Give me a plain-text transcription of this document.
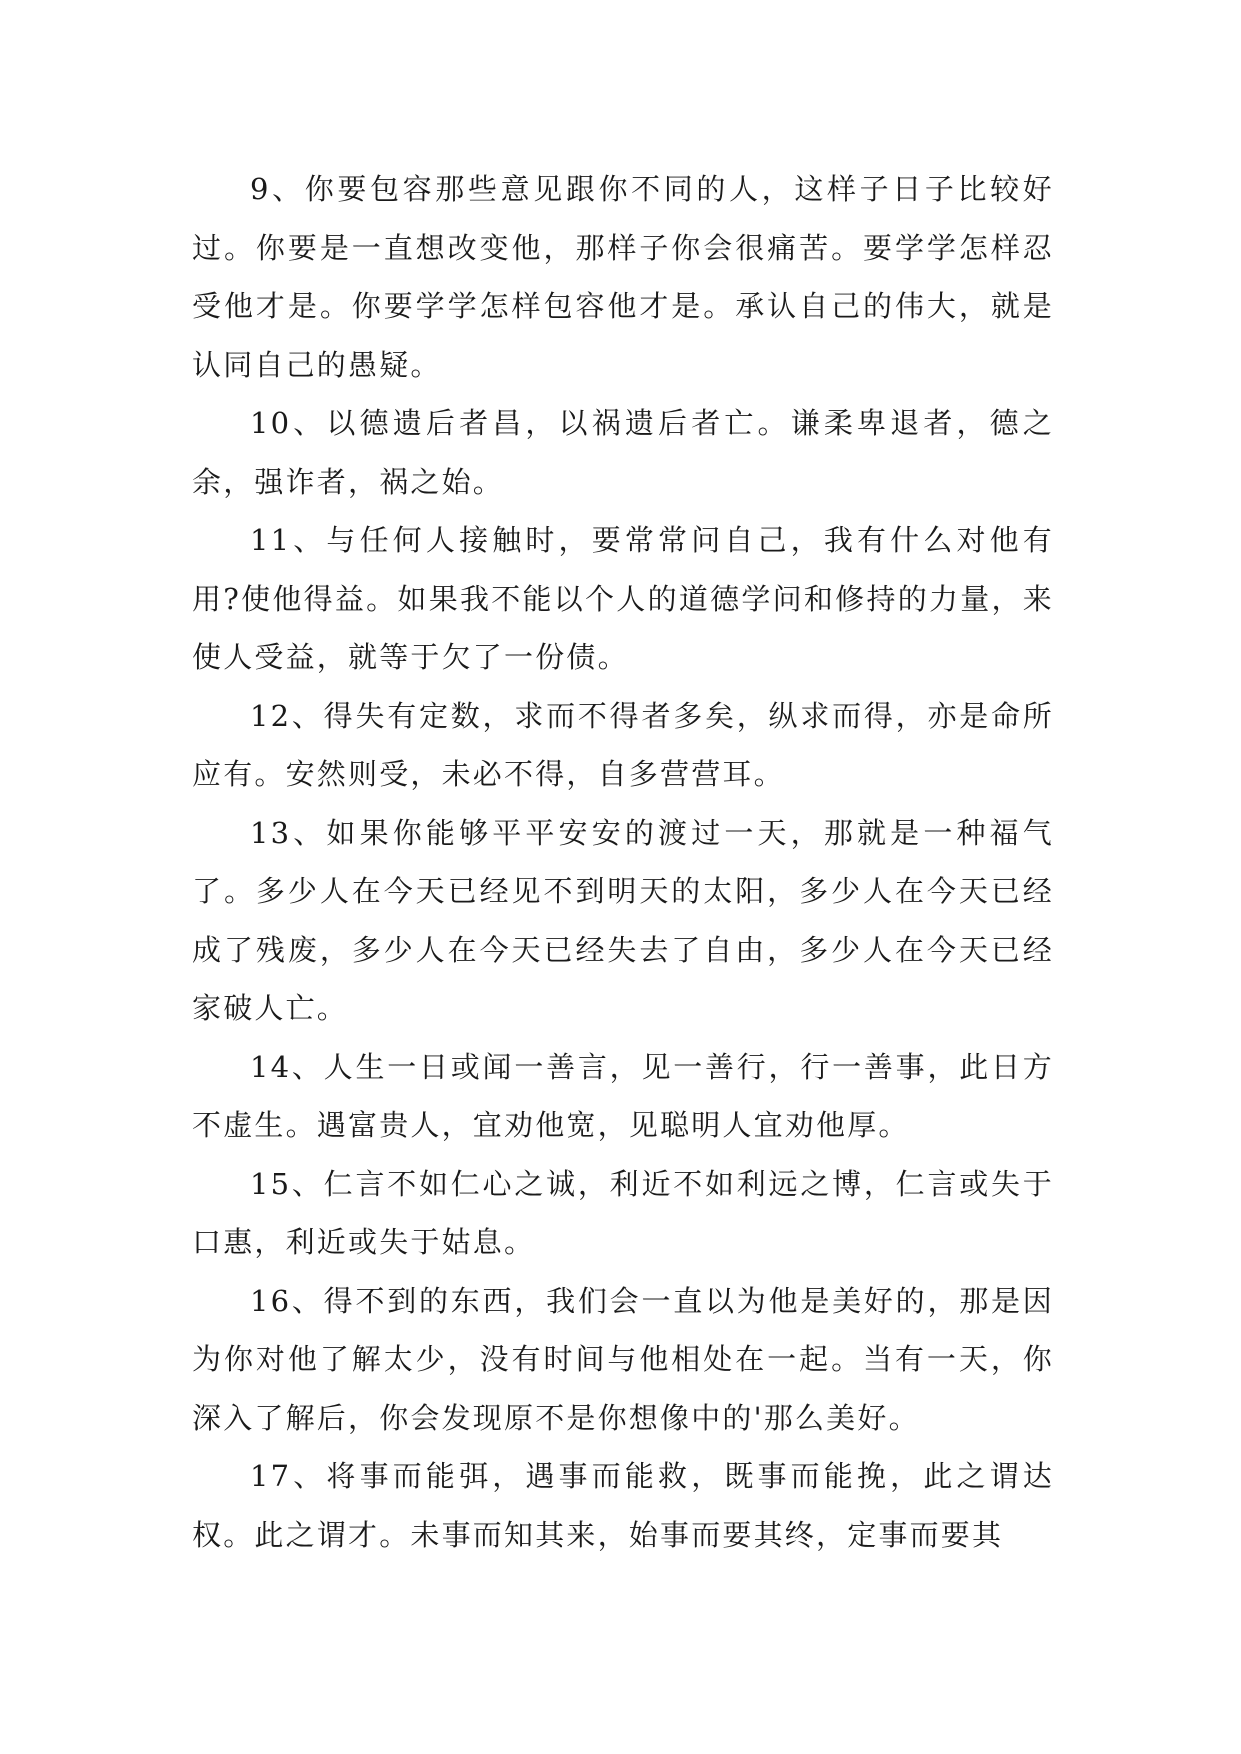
9、你要包容那些意见跟你不同的人，这样子日子比较好过。你要是一直想改变他，那样子你会很痛苦。要学学怎样忍受他才是。你要学学怎样包容他才是。承认自己的伟大，就是认同自己的愚疑。

10、以德遗后者昌，以祸遗后者亡。谦柔卑退者，德之余，强诈者，祸之始。

11、与任何人接触时，要常常问自己，我有什么对他有用?使他得益。如果我不能以个人的道德学问和修持的力量，来使人受益，就等于欠了一份债。

12、得失有定数，求而不得者多矣，纵求而得，亦是命所应有。安然则受，未必不得，自多营营耳。

13、如果你能够平平安安的渡过一天，那就是一种福气了。多少人在今天已经见不到明天的太阳，多少人在今天已经成了残废，多少人在今天已经失去了自由，多少人在今天已经家破人亡。

14、人生一日或闻一善言，见一善行，行一善事，此日方不虚生。遇富贵人，宜劝他宽，见聪明人宜劝他厚。

15、仁言不如仁心之诚，利近不如利远之博，仁言或失于口惠，利近或失于姑息。

16、得不到的东西，我们会一直以为他是美好的，那是因为你对他了解太少，没有时间与他相处在一起。当有一天，你深入了解后，你会发现原不是你想像中的'那么美好。

17、将事而能弭，遇事而能救，既事而能挽，此之谓达权。此之谓才。未事而知其来，始事而要其终，定事而要其
